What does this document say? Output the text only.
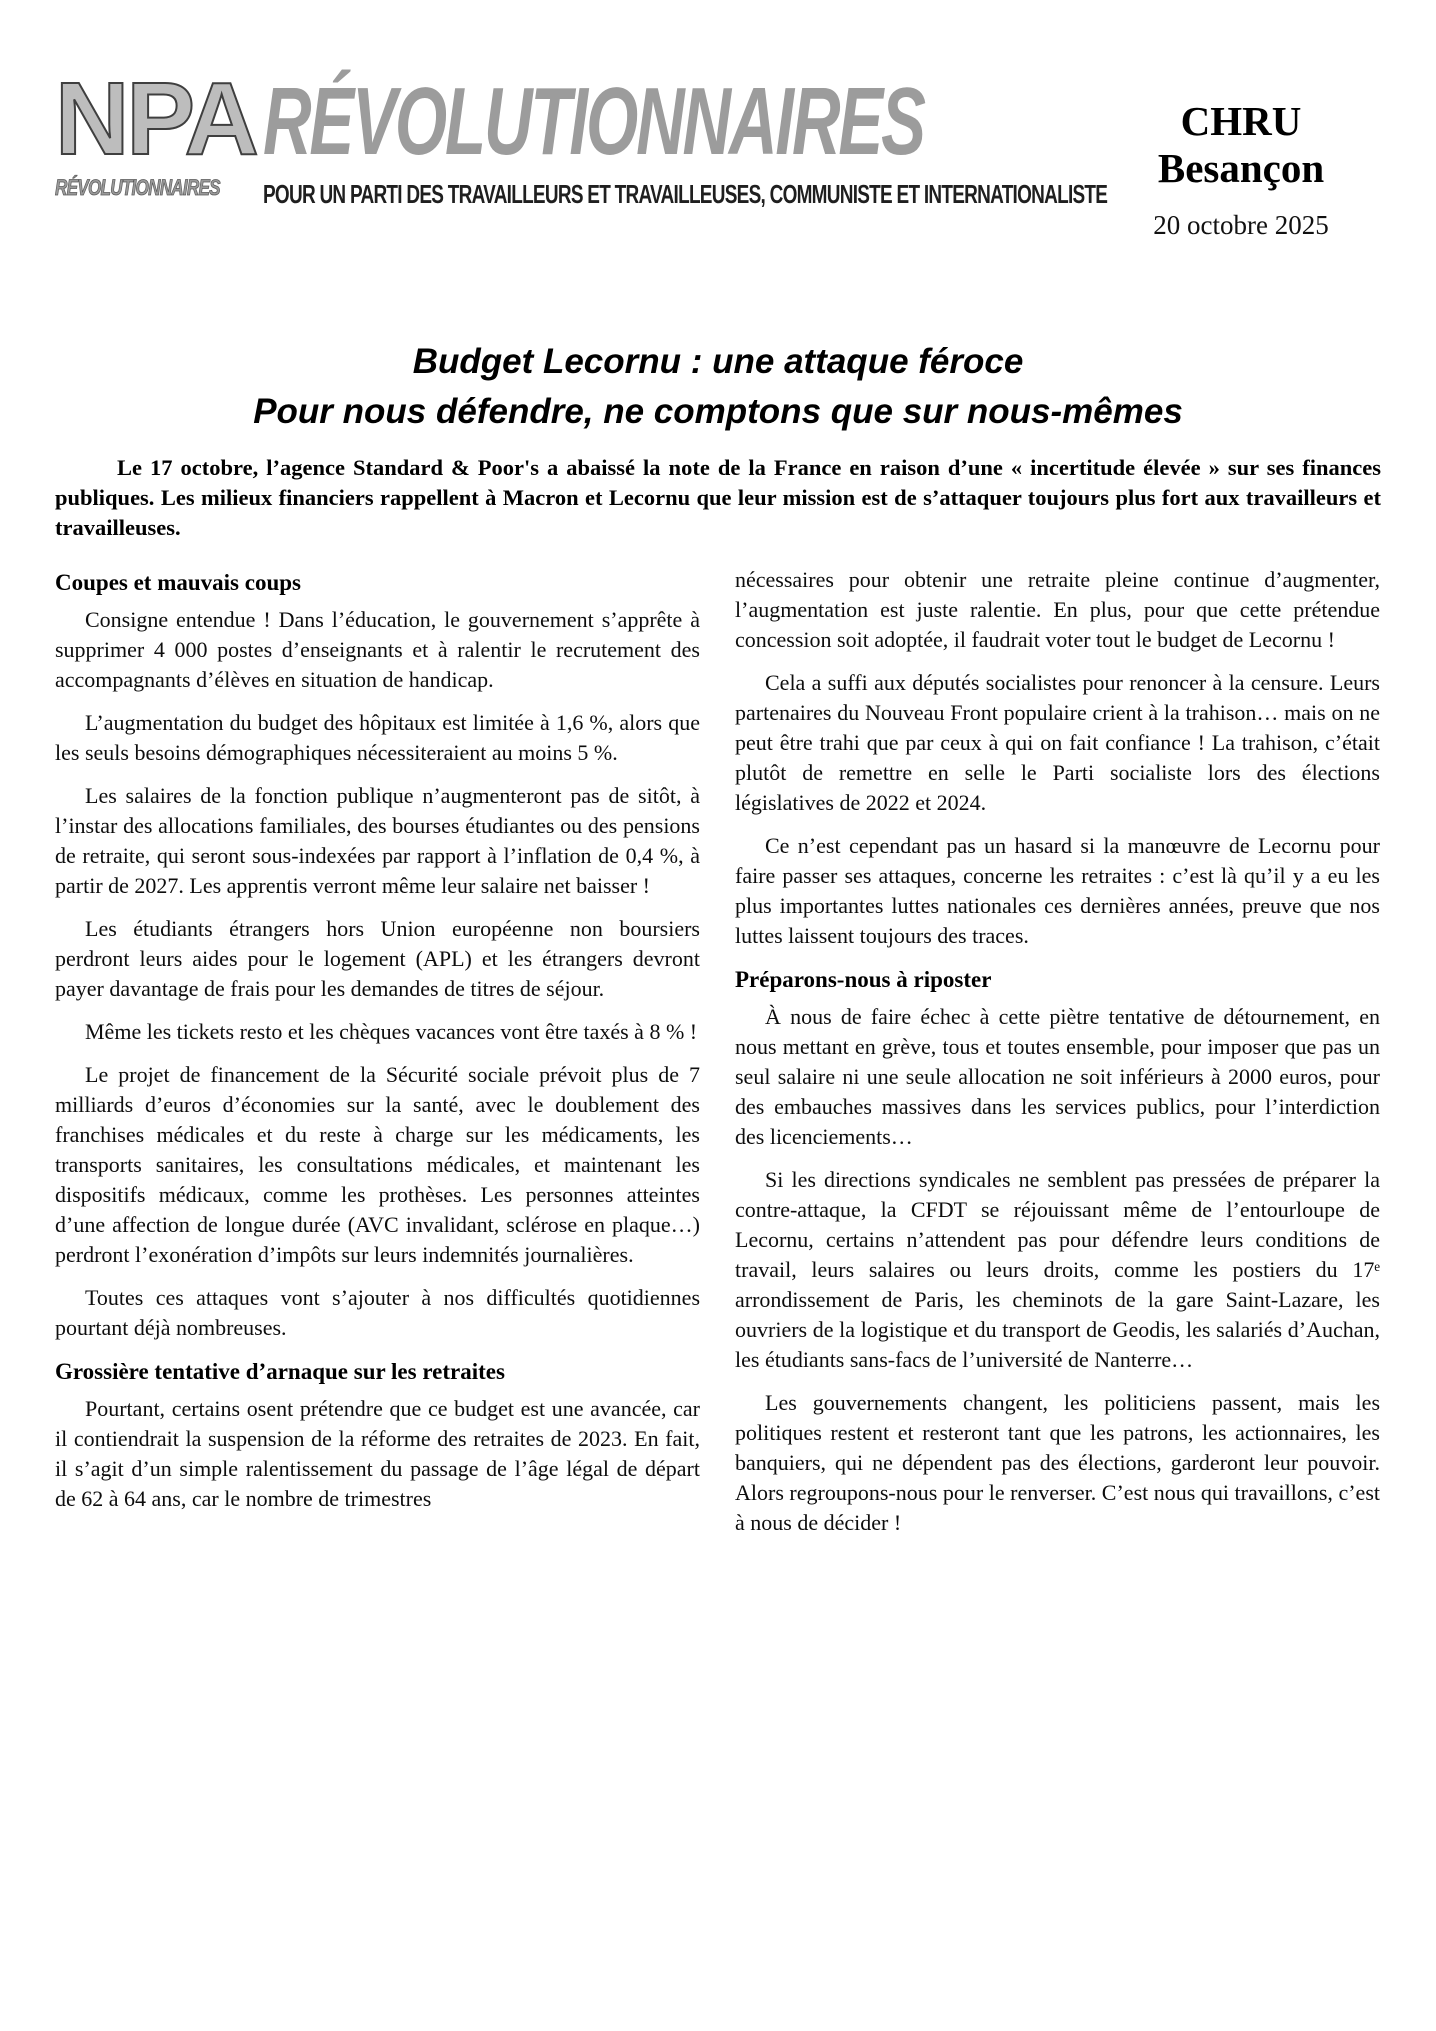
NPA
RÉVOLUTIONNAIRES
RÉVOLUTIONNAIRES
POUR UN PARTI DES TRAVAILLEURS ET TRAVAILLEUSES, COMMUNISTE ET INTERNATIONALISTE
CHRU
Besançon
20 octobre 2025
Budget Lecornu : une attaque féroce
Pour nous défendre, ne comptons que sur nous-mêmes

Le 17 octobre, l’agence Standard & Poor's a abaissé la note de la France en raison d’une « incertitude élevée » sur ses finances publiques. Les milieux financiers rappellent à Macron et Lecornu que leur mission est de s’attaquer toujours plus fort aux travailleurs et travailleuses.

Coupes et mauvais coups

Consigne entendue ! Dans l’éducation, le gouvernement s’apprête à supprimer 4 000 postes d’enseignants et à ralentir le recrutement des accompagnants d’élèves en situation de handicap.

L’augmentation du budget des hôpitaux est limitée à 1,6 %, alors que les seuls besoins démographiques nécessiteraient au moins 5 %.

Les salaires de la fonction publique n’augmenteront pas de sitôt, à l’instar des allocations familiales, des bourses étudiantes ou des pensions de retraite, qui seront sous-indexées par rapport à l’inflation de 0,4 %, à partir de 2027. Les apprentis verront même leur salaire net baisser !

Les étudiants étrangers hors Union européenne non boursiers perdront leurs aides pour le logement (APL) et les étrangers devront payer davantage de frais pour les demandes de titres de séjour.

Même les tickets resto et les chèques vacances vont être taxés à 8 % !

Le projet de financement de la Sécurité sociale prévoit plus de 7 milliards d’euros d’économies sur la santé, avec le doublement des franchises médicales et du reste à charge sur les médicaments, les transports sanitaires, les consultations médicales, et maintenant les dispositifs médicaux, comme les prothèses. Les personnes atteintes d’une affection de longue durée (AVC invalidant, sclérose en plaque…) perdront l’exonération d’impôts sur leurs indemnités journalières.

Toutes ces attaques vont s’ajouter à nos difficultés quotidiennes pourtant déjà nombreuses.

Grossière tentative d’arnaque sur les retraites

Pourtant, certains osent prétendre que ce budget est une avancée, car il contiendrait la suspension de la réforme des retraites de 2023. En fait, il s’agit d’un simple ralentissement du passage de l’âge légal de départ de 62 à 64 ans, car le nombre de trimestres

nécessaires pour obtenir une retraite pleine continue d’augmenter, l’augmentation est juste ralentie. En plus, pour que cette prétendue concession soit adoptée, il faudrait voter tout le budget de Lecornu !

Cela a suffi aux députés socialistes pour renoncer à la censure. Leurs partenaires du Nouveau Front populaire crient à la trahison… mais on ne peut être trahi que par ceux à qui on fait confiance ! La trahison, c’était plutôt de remettre en selle le Parti socialiste lors des élections législatives de 2022 et 2024.

Ce n’est cependant pas un hasard si la manœuvre de Lecornu pour faire passer ses attaques, concerne les retraites : c’est là qu’il y a eu les plus importantes luttes nationales ces dernières années, preuve que nos luttes laissent toujours des traces.

Préparons-nous à riposter

À nous de faire échec à cette piètre tentative de détournement, en nous mettant en grève, tous et toutes ensemble, pour imposer que pas un seul salaire ni une seule allocation ne soit inférieurs à 2000 euros, pour des embauches massives dans les services publics, pour l’interdiction des licenciements…

Si les directions syndicales ne semblent pas pressées de préparer la contre-attaque, la CFDT se réjouissant même de l’entourloupe de Lecornu, certains n’attendent pas pour défendre leurs conditions de travail, leurs salaires ou leurs droits, comme les postiers du 17ᵉ arrondissement de Paris, les cheminots de la gare Saint-Lazare, les ouvriers de la logistique et du transport de Geodis, les salariés d’Auchan, les étudiants sans-facs de l’université de Nanterre…

Les gouvernements changent, les politiciens passent, mais les politiques restent et resteront tant que les patrons, les actionnaires, les banquiers, qui ne dépendent pas des élections, garderont leur pouvoir. Alors regroupons-nous pour le renverser. C’est nous qui travaillons, c’est à nous de décider !
